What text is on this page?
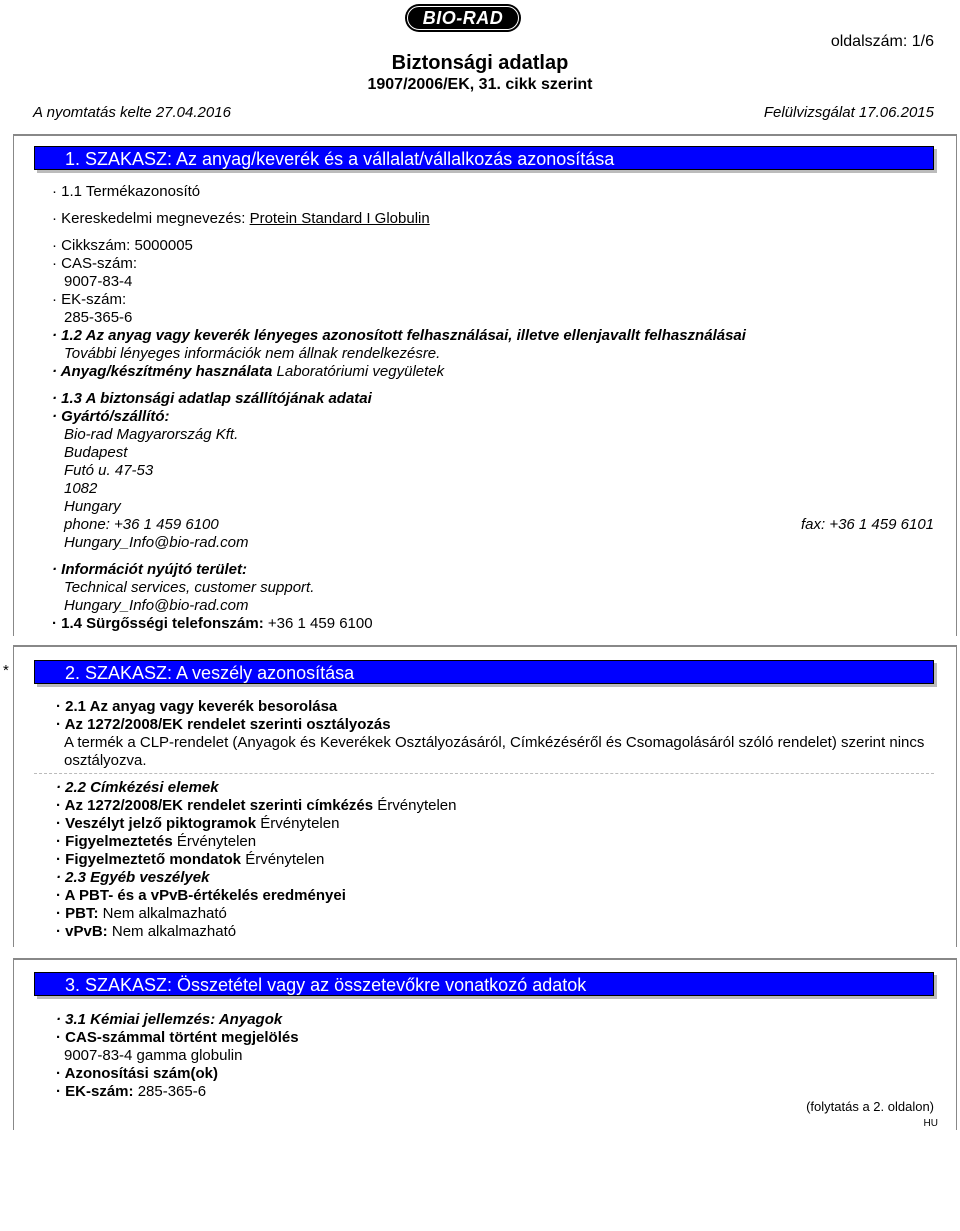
BIO-RAD
Biztonsági adatlap
1907/2006/EK, 31. cikk szerint
oldalszám: 1/6
A nyomtatás kelte 27.04.2016	Felülvizsgálat 17.06.2015
1. SZAKASZ: Az anyag/keverék és a vállalat/vállalkozás azonosítása
· 1.1 Termékazonosító
· Kereskedelmi megnevezés: Protein Standard I Globulin
· Cikkszám: 5000005
· CAS-szám:
9007-83-4
· EK-szám:
285-365-6
· 1.2 Az anyag vagy keverék lényeges azonosított felhasználásai, illetve ellenjavallt felhasználásai
További lényeges információk nem állnak rendelkezésre.
· Anyag/készítmény használata Laboratóriumi vegyületek
· 1.3 A biztonsági adatlap szállítójának adatai
· Gyártó/szállító:
Bio-rad Magyarország Kft.
Budapest
Futó u. 47-53
1082
Hungary
phone: +36 1 459 6100	fax: +36 1 459 6101
Hungary_Info@bio-rad.com
· Információt nyújtó terület:
Technical services, customer support.
Hungary_Info@bio-rad.com
· 1.4 Sürgősségi telefonszám: +36 1 459 6100
*	2. SZAKASZ: A veszély azonosítása
· 2.1 Az anyag vagy keverék besorolása
· Az 1272/2008/EK rendelet szerinti osztályozás
A termék a CLP-rendelet (Anyagok és Keverékek Osztályozásáról, Címkézéséről és Csomagolásáról szóló rendelet) szerint nincs osztályozva.
· 2.2 Címkézési elemek
· Az 1272/2008/EK rendelet szerinti címkézés Érvénytelen
· Veszélyt jelző piktogramok Érvénytelen
· Figyelmeztetés Érvénytelen
· Figyelmeztető mondatok Érvénytelen
· 2.3 Egyéb veszélyek
· A PBT- és a vPvB-értékelés eredményei
· PBT: Nem alkalmazható
· vPvB: Nem alkalmazható
3. SZAKASZ: Összetétel vagy az összetevőkre vonatkozó adatok
· 3.1 Kémiai jellemzés: Anyagok
· CAS-számmal történt megjelölés
9007-83-4 gamma globulin
· Azonosítási szám(ok)
· EK-szám: 285-365-6
(folytatás a 2. oldalon)
HU
